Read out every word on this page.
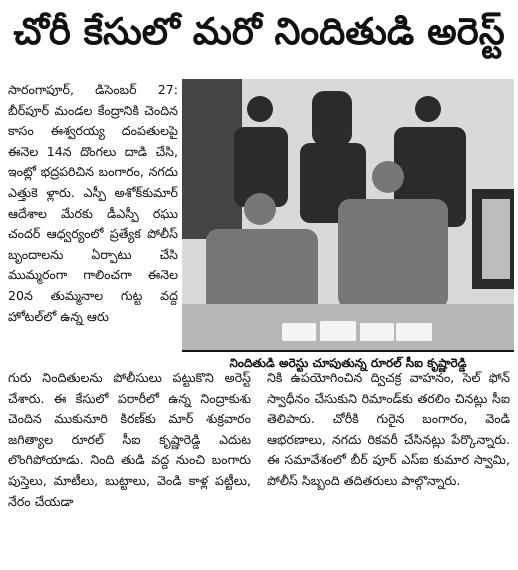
చోరీ కేసులో మరో నిందితుడి అరెస్ట్

సారంగాపూర్, డిసెంబర్ 27: బీర్‌పూర్ మండల కేంద్రానికి చెందిన కాసం ఈశ్వరయ్య దంపతులపై ఈనెల 14న దొంగలు దాడి చేసి, ఇంట్లో భద్రపరిచిన బంగారం, నగదు ఎత్తుకె ళ్లారు. ఎస్పీ అశోక్‌కుమార్ ఆదేశాల మేరకు డీఎస్పీ రఘు చందర్ ఆధ్వర్యంలో ప్రత్యేక పోలీస్ బృందాలను ఏర్పాటు చేసి ముమ్మరంగా గాలించగా ఈనెల 20న తుమ్మనాల గుట్ట వద్ద హోటల్‌లో ఉన్న ఆరు

నిందితుడి అరెస్టు చూపుతున్న రూరల్ సీఐ కృష్ణారెడ్డి
గురు నిందితులను పోలీసులు పట్టుకొని అరెస్ట్ చేశారు. ఈ కేసులో పరారీలో ఉన్న నింద్రాకుశు చెందిన ముకునూరి కిరణ్‌కు మార్ శుక్రవారం జగిత్యాల రూరల్ సీఐ కృష్ణారెడ్డి ఎదుట లొంగిపోయాడు. నింది తుడి వద్ద నుంచి బంగారు పుస్తెలు, మాటీలు, బుట్టాలు, వెండి కాళ్ల పట్టీలు, నేరం చేయడా
నికి ఉపయోగించిన ద్విచక్ర వాహనం, సెల్ ఫోన్ స్వాధీనం చేసుకుని రిమాండ్‌కు తరలిం చినట్లు సీఐ తెలిపారు. చోరీకి గురైన బంగారం, వెండి ఆభరణాలు, నగదు రికవరీ చేసినట్లు పేర్కొన్నారు. ఈ సమావేశంలో బీర్ పూర్ ఎస్ఐ కుమార స్వామి, పోలీస్ సిబ్బంది తదితరులు పాల్గొన్నారు.
